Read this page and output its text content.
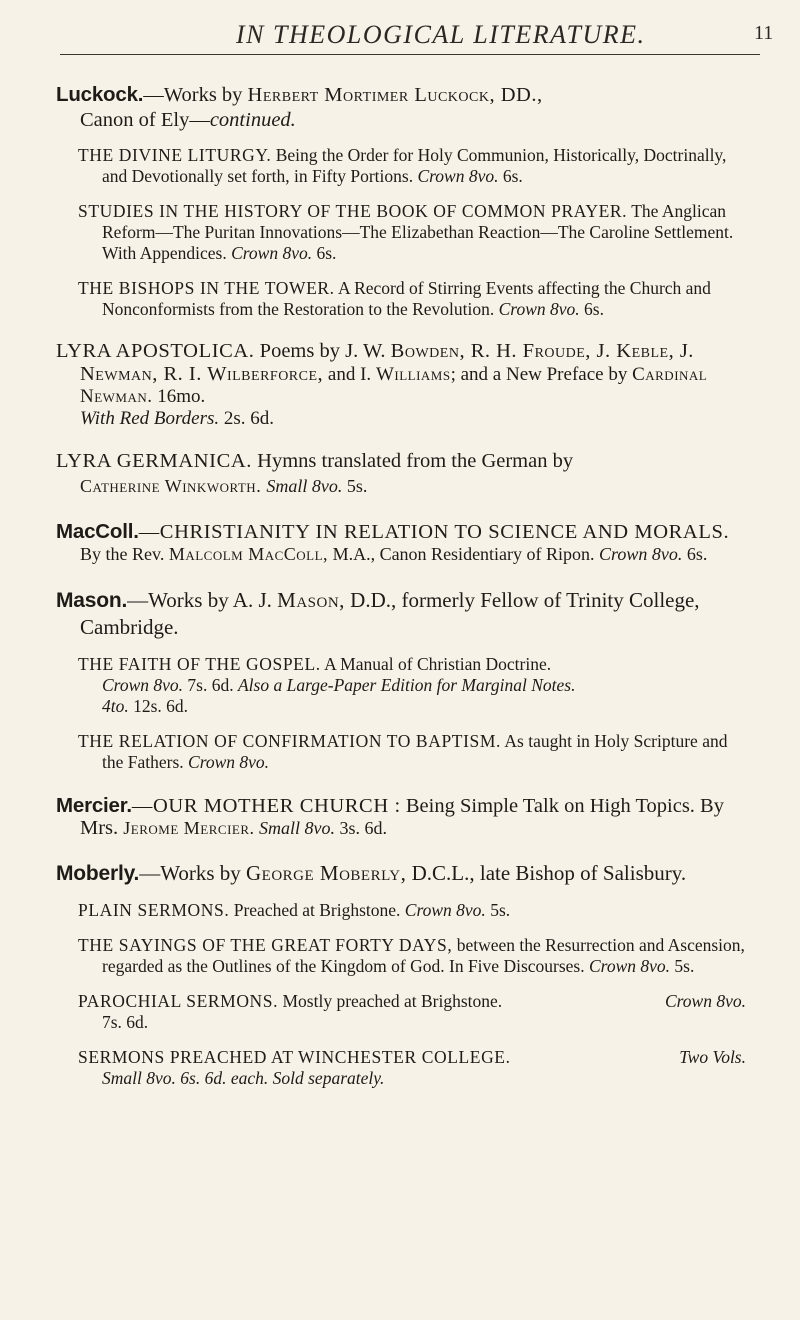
IN THEOLOGICAL LITERATURE.	11
Luckock.—Works by Herbert Mortimer Luckock, DD.,
Canon of Ely—continued.
THE DIVINE LITURGY. Being the Order for Holy Communion, Historically, Doctrinally, and Devotionally set forth, in Fifty Portions. Crown 8vo. 6s.
STUDIES IN THE HISTORY OF THE BOOK OF COMMON PRAYER. The Anglican Reform—The Puritan Innovations—The Elizabethan Reaction—The Caroline Settlement. With Appendices. Crown 8vo. 6s.
THE BISHOPS IN THE TOWER. A Record of Stirring Events affecting the Church and Nonconformists from the Restoration to the Revolution. Crown 8vo. 6s.
LYRA APOSTOLICA. Poems by J. W. Bowden, R. H. Froude, J. Keble, J. Newman, R. I. Wilberforce, and I. Williams; and a New Preface by Cardinal Newman. 16mo.
With Red Borders. 2s. 6d.
LYRA GERMANICA. Hymns translated from the German by
Catherine Winkworth. Small 8vo. 5s.
MacColl.—CHRISTIANITY IN RELATION TO SCIENCE AND MORALS. By the Rev. Malcolm MacColl, M.A., Canon Residentiary of Ripon. Crown 8vo. 6s.
Mason.—Works by A. J. Mason, D.D., formerly Fellow of Trinity College, Cambridge.
THE FAITH OF THE GOSPEL. A Manual of Christian Doctrine.
Crown 8vo. 7s. 6d. Also a Large-Paper Edition for Marginal Notes.
4to. 12s. 6d.
THE RELATION OF CONFIRMATION TO BAPTISM. As taught in Holy Scripture and the Fathers. Crown 8vo.
Mercier.—OUR MOTHER CHURCH : Being Simple Talk on High Topics. By Mrs. Jerome Mercier. Small 8vo. 3s. 6d.
Moberly.—Works by George Moberly, D.C.L., late Bishop of Salisbury.
PLAIN SERMONS. Preached at Brighstone. Crown 8vo. 5s.
THE SAYINGS OF THE GREAT FORTY DAYS, between the Resurrection and Ascension, regarded as the Outlines of the Kingdom of God. In Five Discourses. Crown 8vo. 5s.
PAROCHIAL SERMONS. Mostly preached at Brighstone.	Crown 8vo.

7s. 6d.
SERMONS PREACHED AT WINCHESTER COLLEGE.	Two Vols.

Small 8vo. 6s. 6d. each. Sold separately.
